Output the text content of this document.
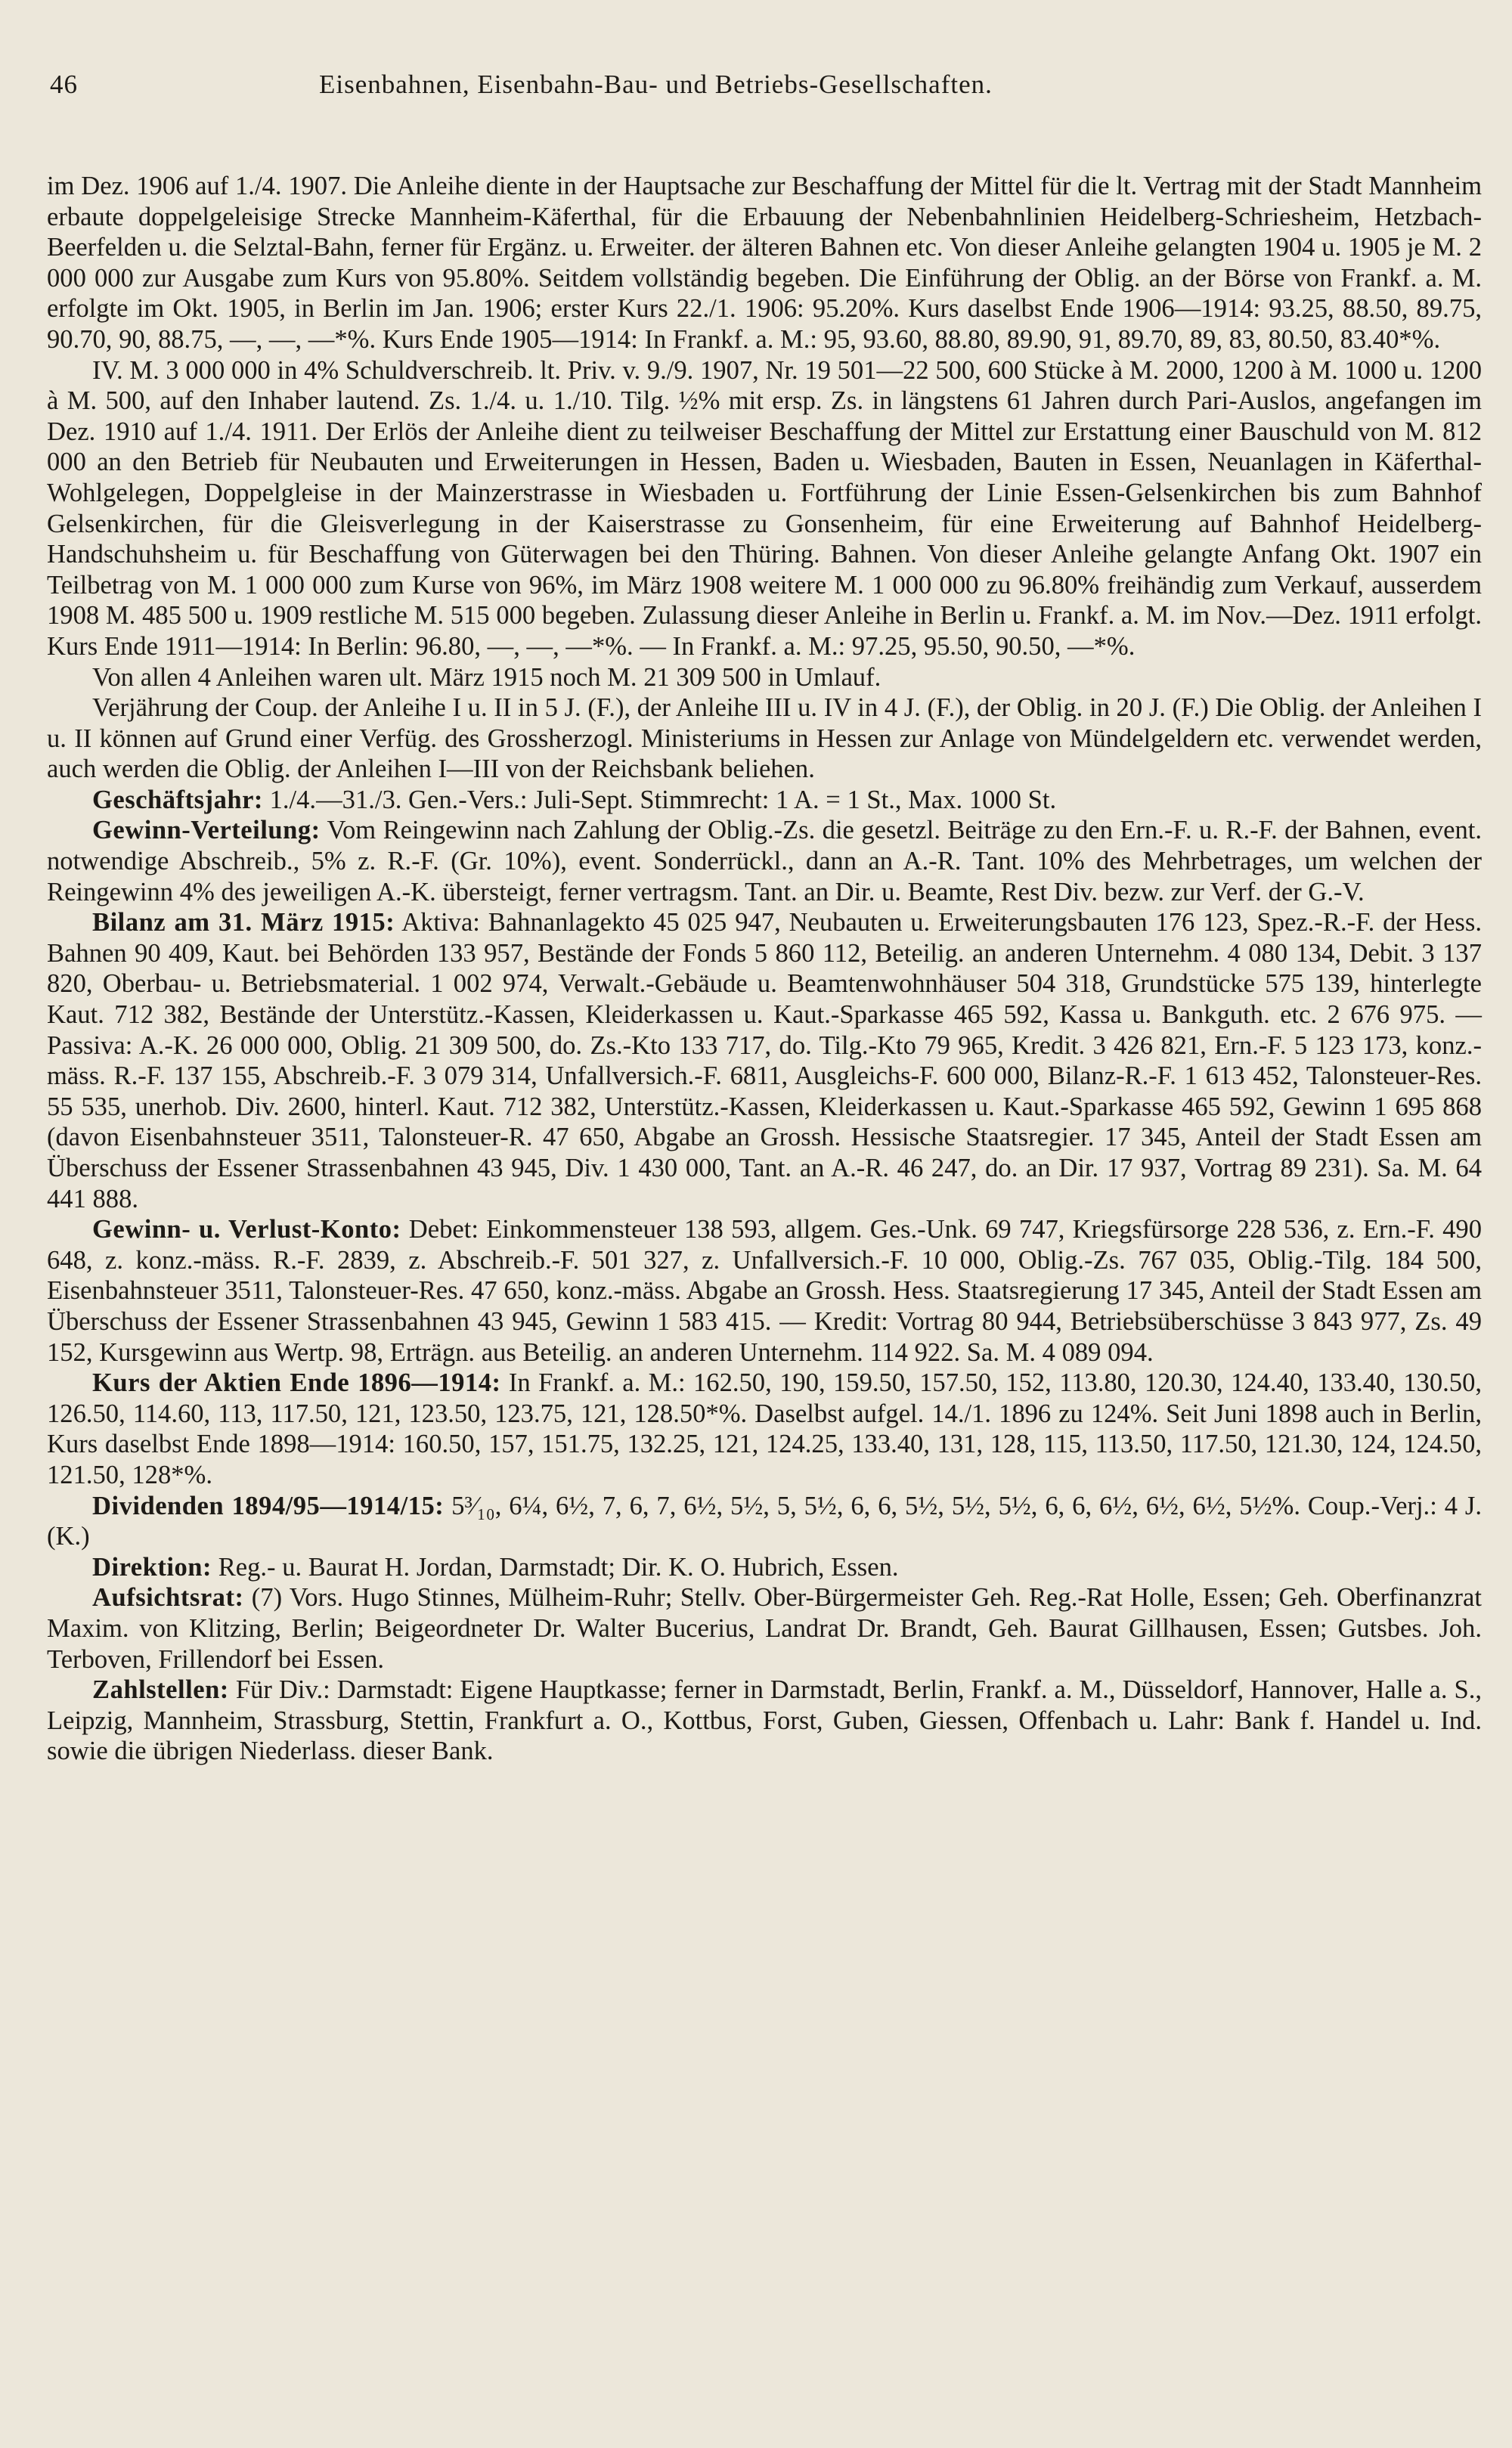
46	Eisenbahnen, Eisenbahn-Bau- und Betriebs-Gesellschaften.

im Dez. 1906 auf 1./4. 1907. Die Anleihe diente in der Hauptsache zur Beschaffung der Mittel für die lt. Vertrag mit der Stadt Mannheim erbaute doppelgeleisige Strecke Mannheim-Käferthal, für die Erbauung der Nebenbahnlinien Heidelberg-Schriesheim, Hetzbach-Beerfelden u. die Selztal-Bahn, ferner für Ergänz. u. Erweiter. der älteren Bahnen etc. Von dieser Anleihe gelangten 1904 u. 1905 je M. 2 000 000 zur Ausgabe zum Kurs von 95.80%. Seitdem vollständig begeben. Die Einführung der Oblig. an der Börse von Frankf. a. M. erfolgte im Okt. 1905, in Berlin im Jan. 1906; erster Kurs 22./1. 1906: 95.20%. Kurs daselbst Ende 1906—1914: 93.25, 88.50, 89.75, 90.70, 90, 88.75, —, —, —*%. Kurs Ende 1905—1914: In Frankf. a. M.: 95, 93.60, 88.80, 89.90, 91, 89.70, 89, 83, 80.50, 83.40*%.

IV. M. 3 000 000 in 4% Schuldverschreib. lt. Priv. v. 9./9. 1907, Nr. 19 501—22 500, 600 Stücke à M. 2000, 1200 à M. 1000 u. 1200 à M. 500, auf den Inhaber lautend. Zs. 1./4. u. 1./10. Tilg. ½% mit ersp. Zs. in längstens 61 Jahren durch Pari-Auslos, angefangen im Dez. 1910 auf 1./4. 1911. Der Erlös der Anleihe dient zu teilweiser Beschaffung der Mittel zur Erstattung einer Bauschuld von M. 812 000 an den Betrieb für Neubauten und Erweiterungen in Hessen, Baden u. Wiesbaden, Bauten in Essen, Neuanlagen in Käferthal-Wohlgelegen, Doppelgleise in der Mainzerstrasse in Wiesbaden u. Fortführung der Linie Essen-Gelsenkirchen bis zum Bahnhof Gelsenkirchen, für die Gleisverlegung in der Kaiserstrasse zu Gonsenheim, für eine Erweiterung auf Bahnhof Heidelberg-Handschuhsheim u. für Beschaffung von Güterwagen bei den Thüring. Bahnen. Von dieser Anleihe gelangte Anfang Okt. 1907 ein Teilbetrag von M. 1 000 000 zum Kurse von 96%, im März 1908 weitere M. 1 000 000 zu 96.80% freihändig zum Verkauf, ausserdem 1908 M. 485 500 u. 1909 restliche M. 515 000 begeben. Zulassung dieser Anleihe in Berlin u. Frankf. a. M. im Nov.—Dez. 1911 erfolgt. Kurs Ende 1911—1914: In Berlin: 96.80, —, —, —*%. — In Frankf. a. M.: 97.25, 95.50, 90.50, —*%.

Von allen 4 Anleihen waren ult. März 1915 noch M. 21 309 500 in Umlauf.

Verjährung der Coup. der Anleihe I u. II in 5 J. (F.), der Anleihe III u. IV in 4 J. (F.), der Oblig. in 20 J. (F.) Die Oblig. der Anleihen I u. II können auf Grund einer Verfüg. des Grossherzogl. Ministeriums in Hessen zur Anlage von Mündelgeldern etc. verwendet werden, auch werden die Oblig. der Anleihen I—III von der Reichsbank beliehen.

Geschäftsjahr: 1./4.—31./3. Gen.-Vers.: Juli-Sept. Stimmrecht: 1 A. = 1 St., Max. 1000 St.

Gewinn-Verteilung: Vom Reingewinn nach Zahlung der Oblig.-Zs. die gesetzl. Beiträge zu den Ern.-F. u. R.-F. der Bahnen, event. notwendige Abschreib., 5% z. R.-F. (Gr. 10%), event. Sonderrückl., dann an A.-R. Tant. 10% des Mehrbetrages, um welchen der Reingewinn 4% des jeweiligen A.-K. übersteigt, ferner vertragsm. Tant. an Dir. u. Beamte, Rest Div. bezw. zur Verf. der G.-V.

Bilanz am 31. März 1915: Aktiva: Bahnanlagekto 45 025 947, Neubauten u. Erweiterungsbauten 176 123, Spez.-R.-F. der Hess. Bahnen 90 409, Kaut. bei Behörden 133 957, Bestände der Fonds 5 860 112, Beteilig. an anderen Unternehm. 4 080 134, Debit. 3 137 820, Oberbau- u. Betriebsmaterial. 1 002 974, Verwalt.-Gebäude u. Beamtenwohnhäuser 504 318, Grundstücke 575 139, hinterlegte Kaut. 712 382, Bestände der Unterstütz.-Kassen, Kleiderkassen u. Kaut.-Sparkasse 465 592, Kassa u. Bankguth. etc. 2 676 975. — Passiva: A.-K. 26 000 000, Oblig. 21 309 500, do. Zs.-Kto 133 717, do. Tilg.-Kto 79 965, Kredit. 3 426 821, Ern.-F. 5 123 173, konz.-mäss. R.-F. 137 155, Abschreib.-F. 3 079 314, Unfallversich.-F. 6811, Ausgleichs-F. 600 000, Bilanz-R.-F. 1 613 452, Talonsteuer-Res. 55 535, unerhob. Div. 2600, hinterl. Kaut. 712 382, Unterstütz.-Kassen, Kleiderkassen u. Kaut.-Sparkasse 465 592, Gewinn 1 695 868 (davon Eisenbahnsteuer 3511, Talonsteuer-R. 47 650, Abgabe an Grossh. Hessische Staatsregier. 17 345, Anteil der Stadt Essen am Überschuss der Essener Strassenbahnen 43 945, Div. 1 430 000, Tant. an A.-R. 46 247, do. an Dir. 17 937, Vortrag 89 231). Sa. M. 64 441 888.

Gewinn- u. Verlust-Konto: Debet: Einkommensteuer 138 593, allgem. Ges.-Unk. 69 747, Kriegsfürsorge 228 536, z. Ern.-F. 490 648, z. konz.-mäss. R.-F. 2839, z. Abschreib.-F. 501 327, z. Unfallversich.-F. 10 000, Oblig.-Zs. 767 035, Oblig.-Tilg. 184 500, Eisenbahnsteuer 3511, Talonsteuer-Res. 47 650, konz.-mäss. Abgabe an Grossh. Hess. Staatsregierung 17 345, Anteil der Stadt Essen am Überschuss der Essener Strassenbahnen 43 945, Gewinn 1 583 415. — Kredit: Vortrag 80 944, Betriebsüberschüsse 3 843 977, Zs. 49 152, Kursgewinn aus Wertp. 98, Erträgn. aus Beteilig. an anderen Unternehm. 114 922. Sa. M. 4 089 094.

Kurs der Aktien Ende 1896—1914: In Frankf. a. M.: 162.50, 190, 159.50, 157.50, 152, 113.80, 120.30, 124.40, 133.40, 130.50, 126.50, 114.60, 113, 117.50, 121, 123.50, 123.75, 121, 128.50*%. Daselbst aufgel. 14./1. 1896 zu 124%. Seit Juni 1898 auch in Berlin, Kurs daselbst Ende 1898—1914: 160.50, 157, 151.75, 132.25, 121, 124.25, 133.40, 131, 128, 115, 113.50, 117.50, 121.30, 124, 124.50, 121.50, 128*%.

Dividenden 1894/95—1914/15: 5³⁄₁₀, 6¼, 6½, 7, 6, 7, 6½, 5½, 5, 5½, 6, 6, 5½, 5½, 5½, 6, 6, 6½, 6½, 6½, 5½%. Coup.-Verj.: 4 J. (K.)

Direktion: Reg.- u. Baurat H. Jordan, Darmstadt; Dir. K. O. Hubrich, Essen.

Aufsichtsrat: (7) Vors. Hugo Stinnes, Mülheim-Ruhr; Stellv. Ober-Bürgermeister Geh. Reg.-Rat Holle, Essen; Geh. Oberfinanzrat Maxim. von Klitzing, Berlin; Beigeordneter Dr. Walter Bucerius, Landrat Dr. Brandt, Geh. Baurat Gillhausen, Essen; Gutsbes. Joh. Terboven, Frillendorf bei Essen.

Zahlstellen: Für Div.: Darmstadt: Eigene Hauptkasse; ferner in Darmstadt, Berlin, Frankf. a. M., Düsseldorf, Hannover, Halle a. S., Leipzig, Mannheim, Strassburg, Stettin, Frankfurt a. O., Kottbus, Forst, Guben, Giessen, Offenbach u. Lahr: Bank f. Handel u. Ind. sowie die übrigen Niederlass. dieser Bank.
